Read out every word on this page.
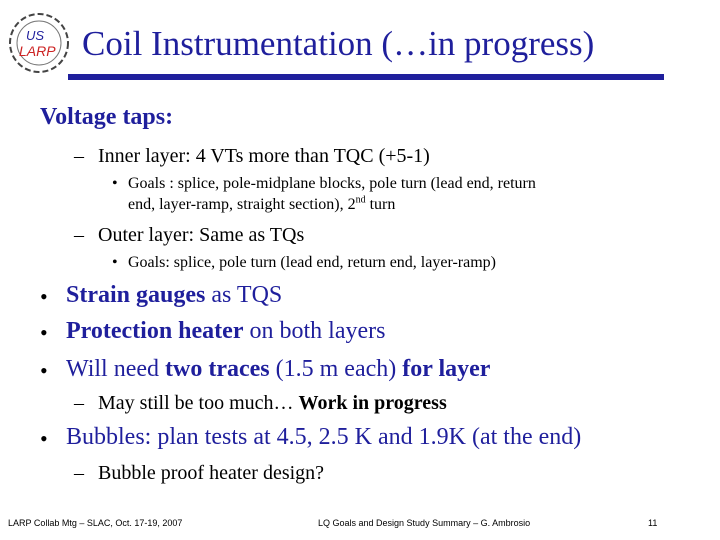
US
LARP Coil Instrumentation (…in progress)
Voltage taps:
– Inner layer: 4 VTs more than TQC (+5-1)
• Goals : splice, pole-midplane blocks, pole turn (lead end, return
end, layer-ramp, straight section), 2nd turn
– Outer layer: Same as TQs
• Goals: splice, pole turn (lead end, return end, layer-ramp)
• Strain gauges as TQS
• Protection heater on both layers
• Will need two traces (1.5 m each) for layer
– May still be too much… Work in progress
• Bubbles: plan tests at 4.5, 2.5 K and 1.9K (at the end)
– Bubble proof heater design?
LARP Collab Mtg – SLAC, Oct. 17-19, 2007	LQ Goals and Design Study Summary – G. Ambrosio	11
